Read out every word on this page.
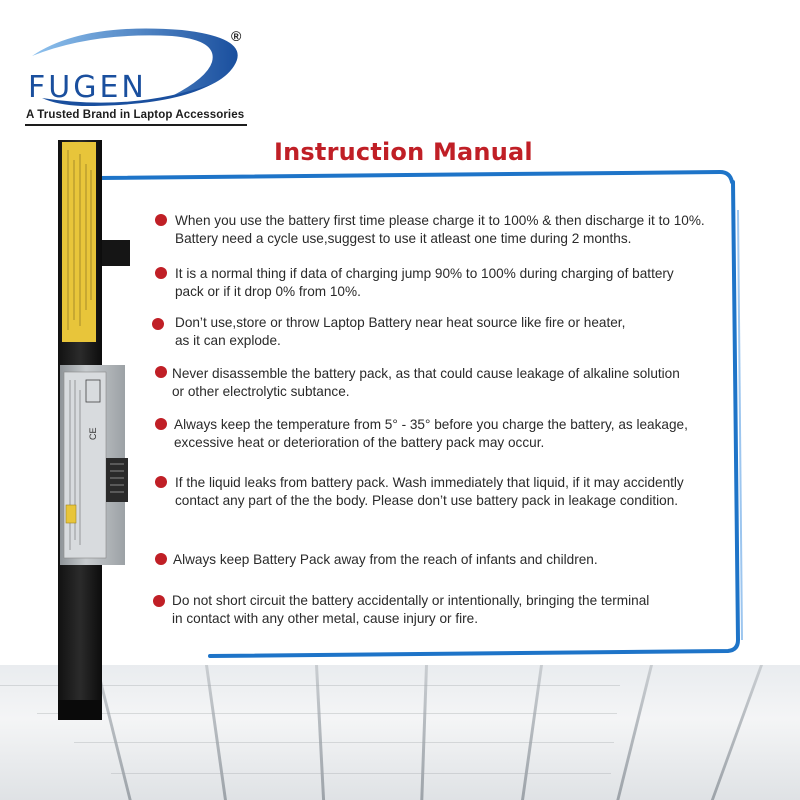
FUGEN
®
A Trusted Brand in Laptop Accessories
Instruction Manual
CE
When you use the battery first time please charge it to 100% & then discharge it to 10%.
Battery need a cycle use,suggest to use it atleast one time during 2 months.
It is a normal thing if data of charging jump 90% to 100% during charging of battery
pack or if it drop 0% from 10%.
Don’t use,store or throw Laptop Battery near heat source like fire or heater,
as it can explode.
Never disassemble the battery pack, as that could cause leakage of alkaline solution
or other electrolytic subtance.
Always keep the temperature from 5° - 35° before you charge the battery, as leakage,
excessive heat or deterioration of the battery pack may occur.
If the liquid leaks from battery pack. Wash immediately that liquid, if it may accidently
contact any part of the the body. Please don’t use battery pack in leakage condition.
Always keep Battery Pack away from the reach of infants and children.
Do not short circuit the battery accidentally or intentionally, bringing the terminal
in contact with any other metal, cause injury or fire.
